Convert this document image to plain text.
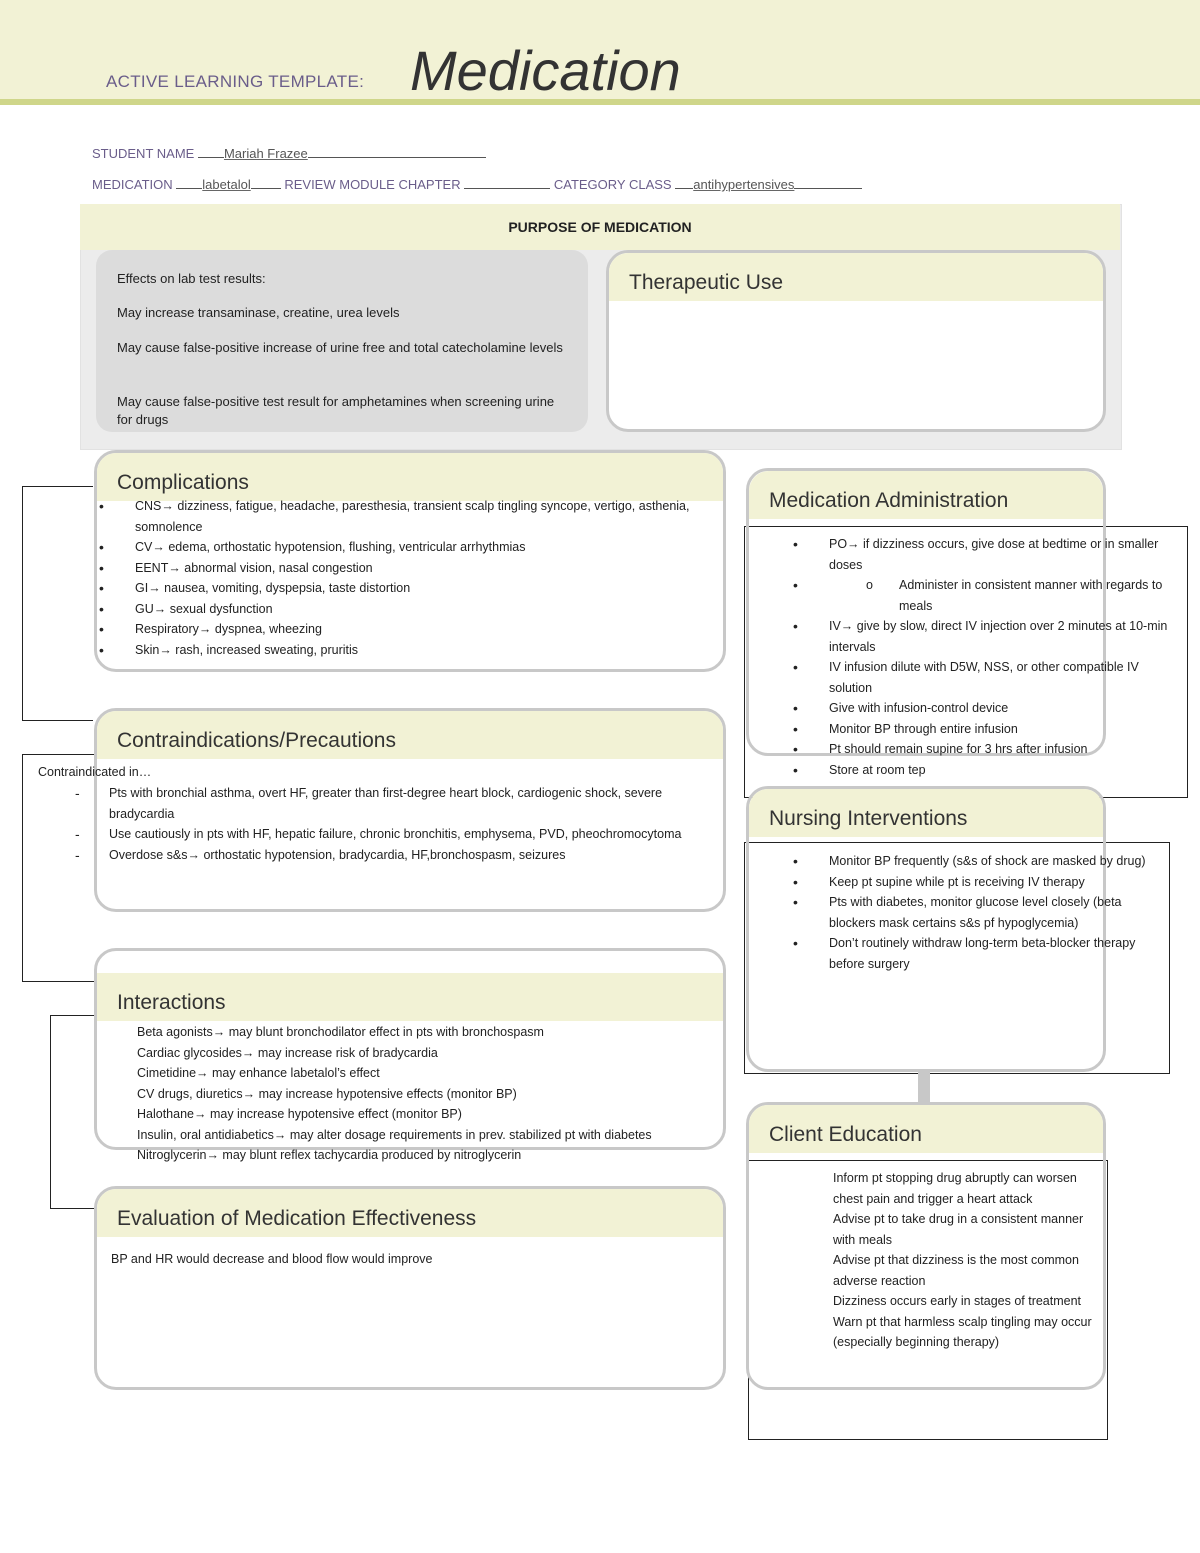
ACTIVE LEARNING TEMPLATE: Medication
STUDENT NAME Mariah Frazee
MEDICATION labetalol	REVIEW MODULE CHAPTER	CATEGORY CLASS antihypertensives
PURPOSE OF MEDICATION
Effects on lab test results:
May increase transaminase, creatine, urea levels
May cause false-positive increase of urine free and total catecholamine levels
May cause false-positive test result for amphetamines when screening urine for drugs
Therapeutic Use
Complications
• CNS→ dizziness, fatigue, headache, paresthesia, transient scalp tingling syncope, vertigo, asthenia, somnolence
• CV→ edema, orthostatic hypotension, flushing, ventricular arrhythmias
• EENT→ abnormal vision, nasal congestion
• GI→ nausea, vomiting, dyspepsia, taste distortion
• GU→ sexual dysfunction
• Respiratory→ dyspnea, wheezing
• Skin→ rash, increased sweating, pruritis
Contraindications/Precautions
Contraindicated in…
- Pts with bronchial asthma, overt HF, greater than first-degree heart block, cardiogenic shock, severe bradycardia
- Use cautiously in pts with HF, hepatic failure, chronic bronchitis, emphysema, PVD, pheochromocytoma
- Overdose s&s→ orthostatic hypotension, bradycardia, HF,bronchospasm, seizures
Interactions
• Beta agonists→ may blunt bronchodilator effect in pts with bronchospasm
• Cardiac glycosides→ may increase risk of bradycardia
• Cimetidine→ may enhance labetalol’s effect
• CV drugs, diuretics→ may increase hypotensive effects (monitor BP)
• Halothane→ may increase hypotensive effect (monitor BP)
• Insulin, oral antidiabetics→ may alter dosage requirements in prev. stabilized pt with diabetes
• Nitroglycerin→ may blunt reflex tachycardia produced by nitroglycerin
Evaluation of Medication Effectiveness
BP and HR would decrease and blood flow would improve
Medication Administration
• PO→ if dizziness occurs, give dose at bedtime or in smaller doses
• o Administer in consistent manner with regards to meals
• IV→ give by slow, direct IV injection over 2 minutes at 10-min intervals
• IV infusion dilute with D5W, NSS, or other compatible IV solution
• Give with infusion-control device
• Monitor BP through entire infusion
• Pt should remain supine for 3 hrs after infusion
• Store at room tep
Nursing Interventions
• Monitor BP frequently (s&s of shock are masked by drug)
• Keep pt supine while pt is receiving IV therapy
• Pts with diabetes, monitor glucose level closely (beta blockers mask certains s&s pf hypoglycemia)
• Don’t routinely withdraw long-term beta-blocker therapy before surgery
Client Education
• Inform pt stopping drug abruptly can worsen chest pain and trigger a heart attack
• Advise pt to take drug in a consistent manner with meals
• Advise pt that dizziness is the most common adverse reaction
• Dizziness occurs early in stages of treatment
• Warn pt that harmless scalp tingling may occur (especially beginning therapy)
